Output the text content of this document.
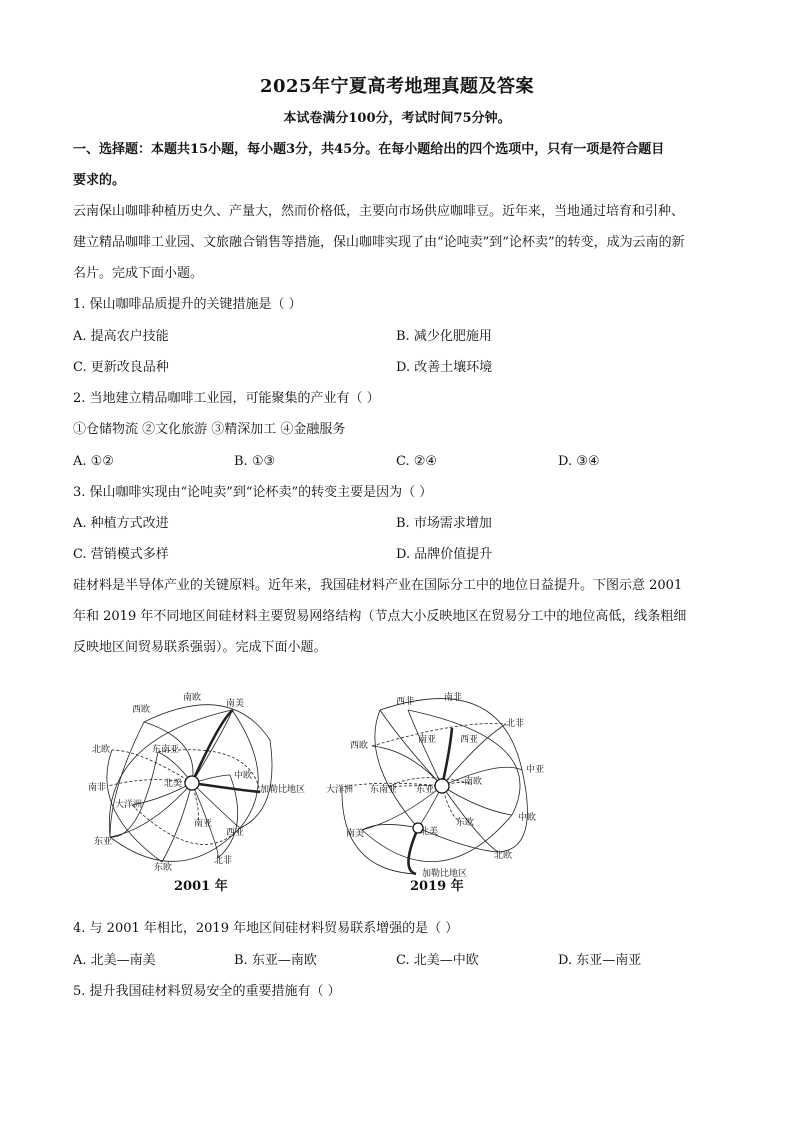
2025年宁夏高考地理真题及答案
本试卷满分100分，考试时间75分钟。
一、选择题：本题共15小题，每小题3分，共45分。在每小题给出的四个选项中，只有一项是符合题目
要求的。
云南保山咖啡种植历史久、产量大，然而价格低，主要向市场供应咖啡豆。近年来，当地通过培育和引种、
建立精品咖啡工业园、文旅融合销售等措施，保山咖啡实现了由“论吨卖”到“论杯卖”的转变，成为云南的新
名片。完成下面小题。
1. 保山咖啡品质提升的关键措施是（ ）
A. 提高农户技能	B. 减少化肥施用
C. 更新改良品种	D. 改善土壤环境
2. 当地建立精品咖啡工业园，可能聚集的产业有（ ）
①仓储物流 ②文化旅游 ③精深加工 ④金融服务
A. ①②	B. ①③	C. ②④	D. ③④
3. 保山咖啡实现由“论吨卖”到“论杯卖”的转变主要是因为（ ）
A. 种植方式改进	B. 市场需求增加
C. 营销模式多样	D. 品牌价值提升
硅材料是半导体产业的关键原料。近年来，我国硅材料产业在国际分工中的地位日益提升。下图示意 2001
年和 2019 年不同地区间硅材料主要贸易网络结构（节点大小反映地区在贸易分工中的地位高低，线条粗细
反映地区间贸易联系强弱）。完成下面小题。
南欧
南美
西欧
北欧	东南亚
南非	北美
中欧
加勒比地区
大洋洲
南亚
东亚
西亚
东欧
北非
2001 年
南非
西非
北非
南亚	西亚
西欧
中亚
南欧
大洋洲 东南亚 东亚
中欧
南美
东欧
北美
北欧
加勒比地区
2019 年
4. 与 2001 年相比，2019 年地区间硅材料贸易联系增强的是（ ）
A. 北美—南美	B. 东亚—南欧	C. 北美—中欧	D. 东亚—南亚
5. 提升我国硅材料贸易安全的重要措施有（ ）
